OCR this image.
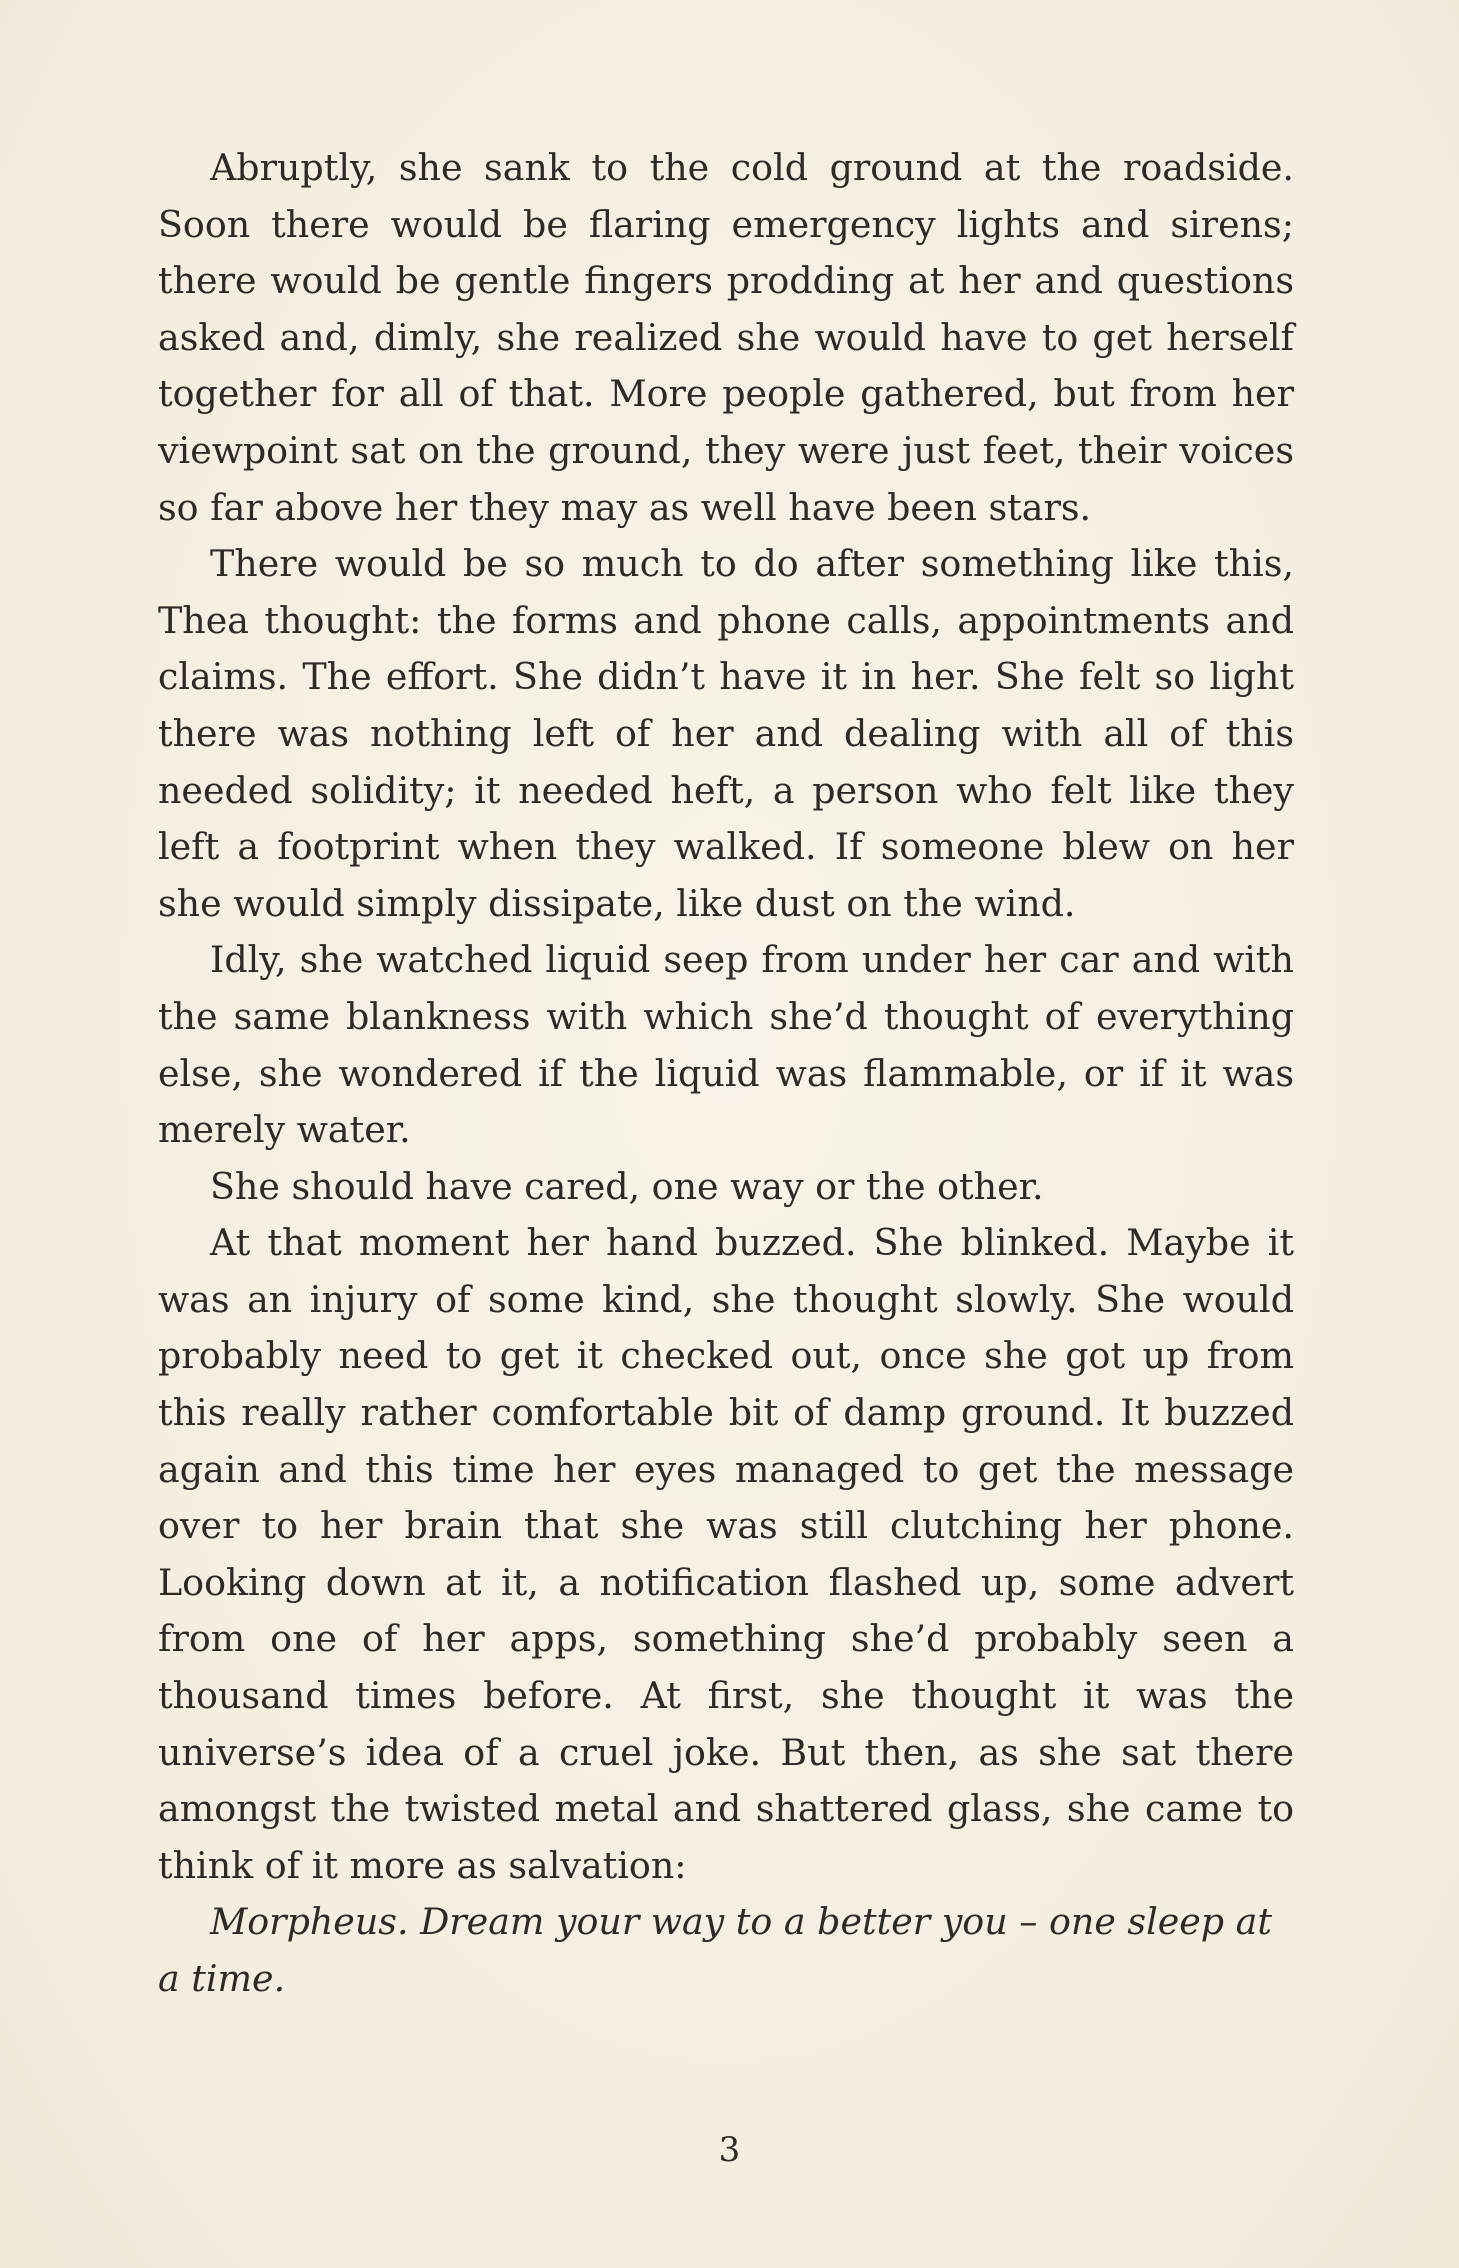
Abruptly, she sank to the cold ground at the roadside. Soon there would be flaring emergency lights and sirens; there would be gentle fingers prodding at her and questions asked and, dimly, she realized she would have to get herself together for all of that. More people gathered, but from her viewpoint sat on the ground, they were just feet, their voices so far above her they may as well have been stars.

There would be so much to do after something like this, Thea thought: the forms and phone calls, appointments and claims. The effort. She didn’t have it in her. She felt so light there was nothing left of her and dealing with all of this needed solidity; it needed heft, a person who felt like they left a footprint when they walked. If someone blew on her she would simply dissipate, like dust on the wind.

Idly, she watched liquid seep from under her car and with the same blankness with which she’d thought of everything else, she wondered if the liquid was flammable, or if it was merely water.

She should have cared, one way or the other.

At that moment her hand buzzed. She blinked. Maybe it was an injury of some kind, she thought slowly. She would probably need to get it checked out, once she got up from this really rather comfortable bit of damp ground. It buzzed again and this time her eyes managed to get the message over to her brain that she was still clutching her phone. Looking down at it, a notification flashed up, some advert from one of her apps, something she’d probably seen a thousand times before. At first, she thought it was the universe’s idea of a cruel joke. But then, as she sat there amongst the twisted metal and shattered glass, she came to think of it more as salvation:

Morpheus. Dream your way to a better you – one sleep at a time.

3
